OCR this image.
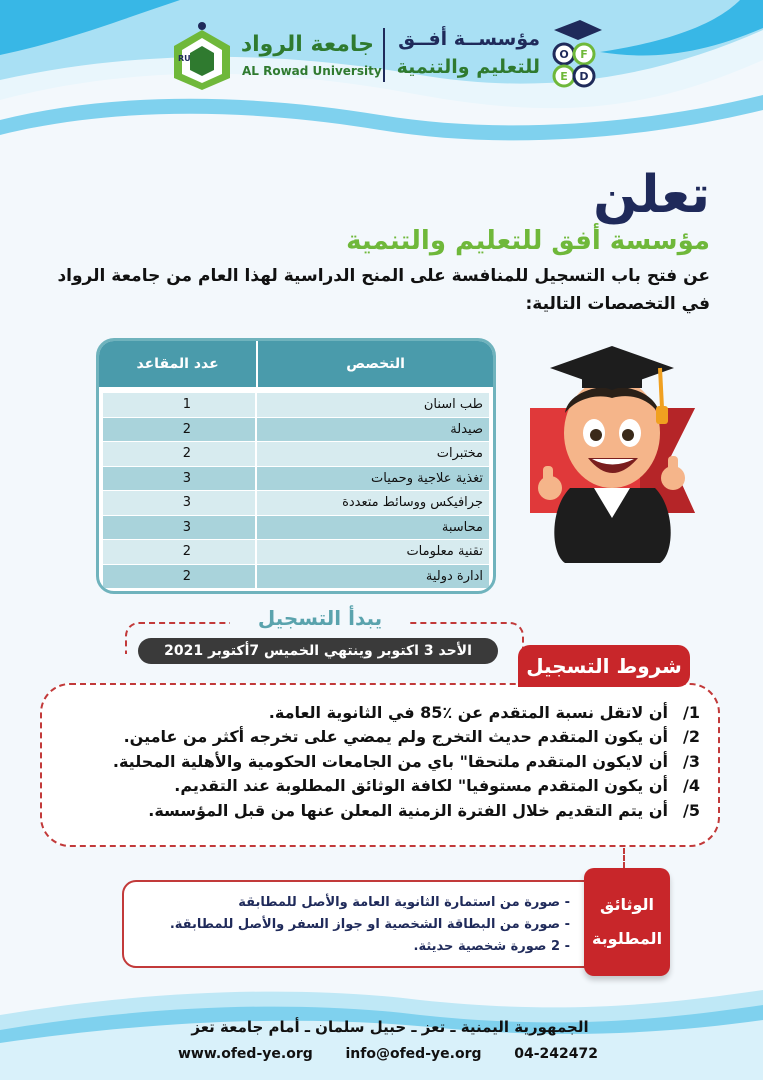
RU
جامعة الرواد
AL Rowad University
مؤسســة أفــق
للتعليم والتنمية
O F
E D
تعلن
مؤسسة أفق للتعليم والتنمية
عن فتح باب التسجيل للمنافسة على المنح الدراسية لهذا العام من جامعة الرواد في التخصصات التالية:
التخصص
عدد المقاعد
طب اسنان
1
صيدلة
2
مختبرات
2
تغذية علاجية وحميات
3
جرافيكس ووسائط متعددة
3
محاسبة
3
تقنية معلومات
2
ادارة دولية
2
يبدأ التسجيل
الأحد 3 اكتوبر وينتهي الخميس 7أكتوبر 2021
شروط التسجيل
1/
أن لاتقل نسبة المتقدم عن ٪85 في الثانوية العامة.
2/
أن يكون المتقدم حديث التخرج ولم يمضي على تخرجه أكثر من عامين.
3/
أن لايكون المتقدم ملتحقا" باي من الجامعات الحكومية والأهلية المحلية.
4/
أن يكون المتقدم مستوفيا" لكافة الوثائق المطلوبة عند التقديم.
5/
أن يتم التقديم خلال الفترة الزمنية المعلن عنها من قبل المؤسسة.
- صورة من استمارة الثانوية العامة والأصل للمطابقة
- صورة من البطاقة الشخصية او جواز السفر والأصل للمطابقة.
- 2 صورة شخصية حديثة.
الوثائق
المطلوبة
الجمهورية اليمنية ـ تعز ـ حبيل سلمان ـ أمام جامعة تعز
www.ofed-ye.org info@ofed-ye.org 04-242472
